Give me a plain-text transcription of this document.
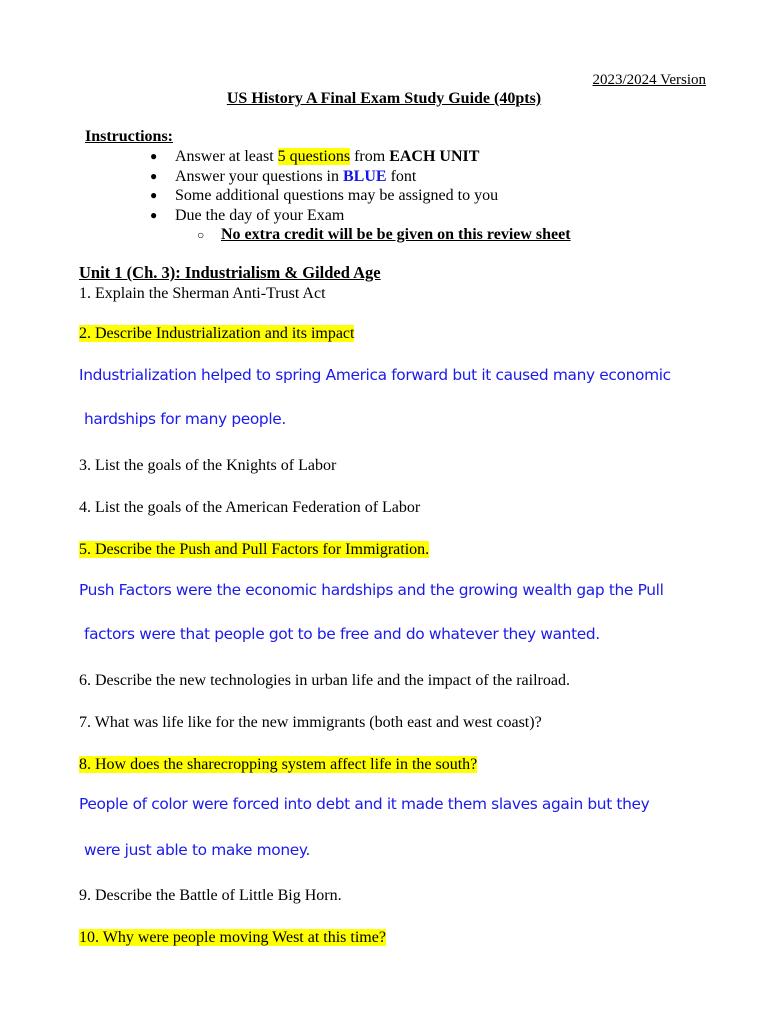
2023/2024 Version
US History A Final Exam Study Guide (40pts)
Instructions:
● Answer at least 5 questions from EACH UNIT
● Answer your questions in BLUE font
● Some additional questions may be assigned to you
● Due the day of your Exam
○ No extra credit will be be given on this review sheet
Unit 1 (Ch. 3): Industrialism & Gilded Age
1. Explain the Sherman Anti-Trust Act
2. Describe Industrialization and its impact
Industrialization helped to spring America forward but it caused many economic
hardships for many people.
3. List the goals of the Knights of Labor
4. List the goals of the American Federation of Labor
5. Describe the Push and Pull Factors for Immigration.
Push Factors were the economic hardships and the growing wealth gap the Pull
factors were that people got to be free and do whatever they wanted.
6. Describe the new technologies in urban life and the impact of the railroad.
7. What was life like for the new immigrants (both east and west coast)?
8. How does the sharecropping system affect life in the south?
People of color were forced into debt and it made them slaves again but they
were just able to make money.
9. Describe the Battle of Little Big Horn.
10. Why were people moving West at this time?
